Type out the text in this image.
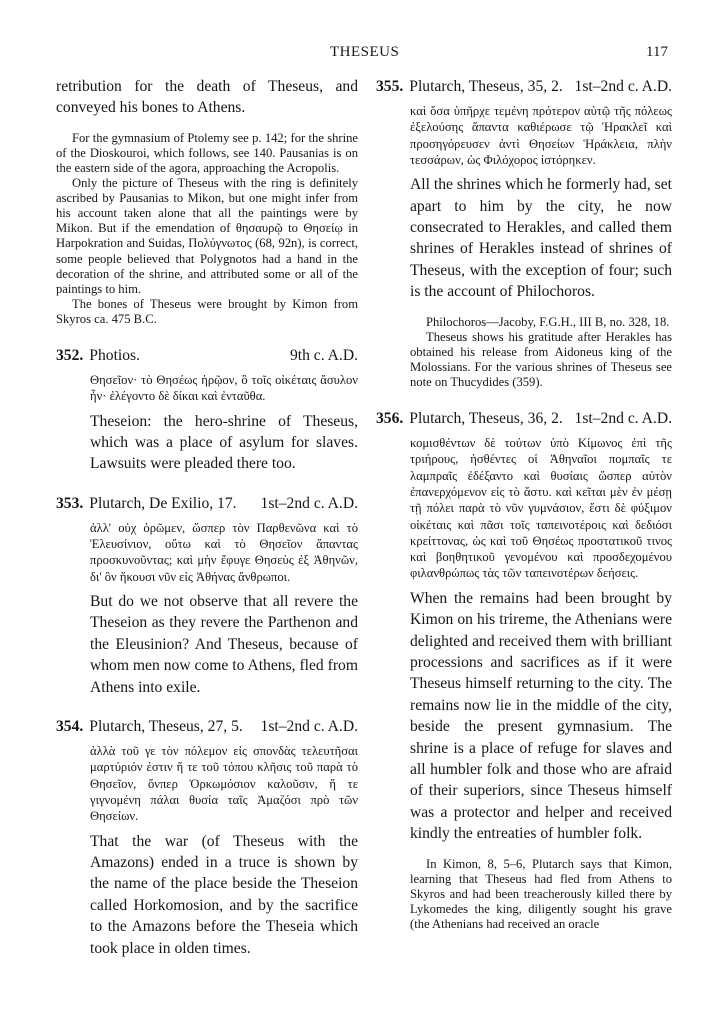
THESEUS	117

retribution for the death of Theseus, and conveyed his bones to Athens.

For the gymnasium of Ptolemy see p. 142; for the shrine of the Dioskouroi, which follows, see 140. Pausanias is on the eastern side of the agora, approaching the Acropolis.

Only the picture of Theseus with the ring is definitely ascribed by Pausanias to Mikon, but one might infer from his account taken alone that all the paintings were by Mikon. But if the emendation of θησαυρῷ to Θησείῳ in Harpokration and Suidas, Πολύγνωτος (68, 92n), is correct, some people believed that Polygnotos had a hand in the decoration of the shrine, and attributed some or all of the paintings to him.

The bones of Theseus were brought by Kimon from Skyros ca. 475 B.C.

352. Photios.	9th c. A.D.

Θησεῖον· τὸ Θησέως ἡρῷον, ὃ τοῖς οἰκέταις ἄσυλον ἦν· ἐλέγοντο δὲ δίκαι καὶ ἐνταῦθα.

Theseion: the hero-shrine of Theseus, which was a place of asylum for slaves. Lawsuits were pleaded there too.

353. Plutarch, De Exilio, 17. 1st–2nd c. A.D.

ἀλλ' οὐχ ὁρῶμεν, ὥσπερ τὸν Παρθενῶνα καὶ τὸ Ἐλευσίνιον, οὕτω καὶ τὸ Θησεῖον ἅπαντας προσκυνοῦντας; καὶ μὴν ἔφυγε Θησεὺς ἐξ Ἀθηνῶν, δι' ὃν ἥκουσι νῦν εἰς Ἀθήνας ἄνθρωποι.

But do we not observe that all revere the Theseion as they revere the Parthenon and the Eleusinion? And Theseus, because of whom men now come to Athens, fled from Athens into exile.

354. Plutarch, Theseus, 27, 5. 1st–2nd c. A.D.

ἀλλὰ τοῦ γε τὸν πόλεμον εἰς σπονδὰς τελευτῆσαι μαρτύριόν ἐστιν ἥ τε τοῦ τόπου κλῆσις τοῦ παρὰ τὸ Θησεῖον, ὅνπερ Ὁρκωμόσιον καλοῦσιν, ἥ τε γιγνομένη πάλαι θυσία ταῖς Ἀμαζόσι πρὸ τῶν Θησείων.

That the war (of Theseus with the Amazons) ended in a truce is shown by the name of the place beside the Theseion called Horkomosion, and by the sacrifice to the Amazons before the Theseia which took place in olden times.

355. Plutarch, Theseus, 35, 2. 1st–2nd c. A.D.

καὶ ὅσα ὑπῆρχε τεμένη πρότερον αὐτῷ τῆς πόλεως ἐξελούσης ἅπαντα καθιέρωσε τῷ Ἡρακλεῖ καὶ προσηγόρευσεν ἀντὶ Θησείων Ἡράκλεια, πλὴν τεσσάρων, ὡς Φιλόχορος ἱστόρηκεν.

All the shrines which he formerly had, set apart to him by the city, he now consecrated to Herakles, and called them shrines of Herakles instead of shrines of Theseus, with the exception of four; such is the account of Philochoros.

Philochoros—Jacoby, F.G.H., III B, no. 328, 18.

Theseus shows his gratitude after Herakles has obtained his release from Aidoneus king of the Molossians. For the various shrines of Theseus see note on Thucydides (359).

356. Plutarch, Theseus, 36, 2. 1st–2nd c. A.D.

κομισθέντων δὲ τούτων ὑπὸ Κίμωνος ἐπὶ τῆς τριήρους, ἡσθέντες οἱ Ἀθηναῖοι πομπαῖς τε λαμπραῖς ἐδέξαντο καὶ θυσίαις ὥσπερ αὐτὸν ἐπανερχόμενον εἰς τὸ ἄστυ. καὶ κεῖται μὲν ἐν μέσῃ τῇ πόλει παρὰ τὸ νῦν γυμνάσιον, ἔστι δὲ φύξιμον οἰκέταις καὶ πᾶσι τοῖς ταπεινοτέροις καὶ δεδιόσι κρείττονας, ὡς καὶ τοῦ Θησέως προστατικοῦ τινος καὶ βοηθητικοῦ γενομένου καὶ προσδεχομένου φιλανθρώπως τὰς τῶν ταπεινοτέρων δεήσεις.

When the remains had been brought by Kimon on his trireme, the Athenians were delighted and received them with brilliant processions and sacrifices as if it were Theseus himself returning to the city. The remains now lie in the middle of the city, beside the present gymnasium. The shrine is a place of refuge for slaves and all humbler folk and those who are afraid of their superiors, since Theseus himself was a protector and helper and received kindly the entreaties of humbler folk.

In Kimon, 8, 5–6, Plutarch says that Kimon, learning that Theseus had fled from Athens to Skyros and had been treacherously killed there by Lykomedes the king, diligently sought his grave (the Athenians had received an oracle
